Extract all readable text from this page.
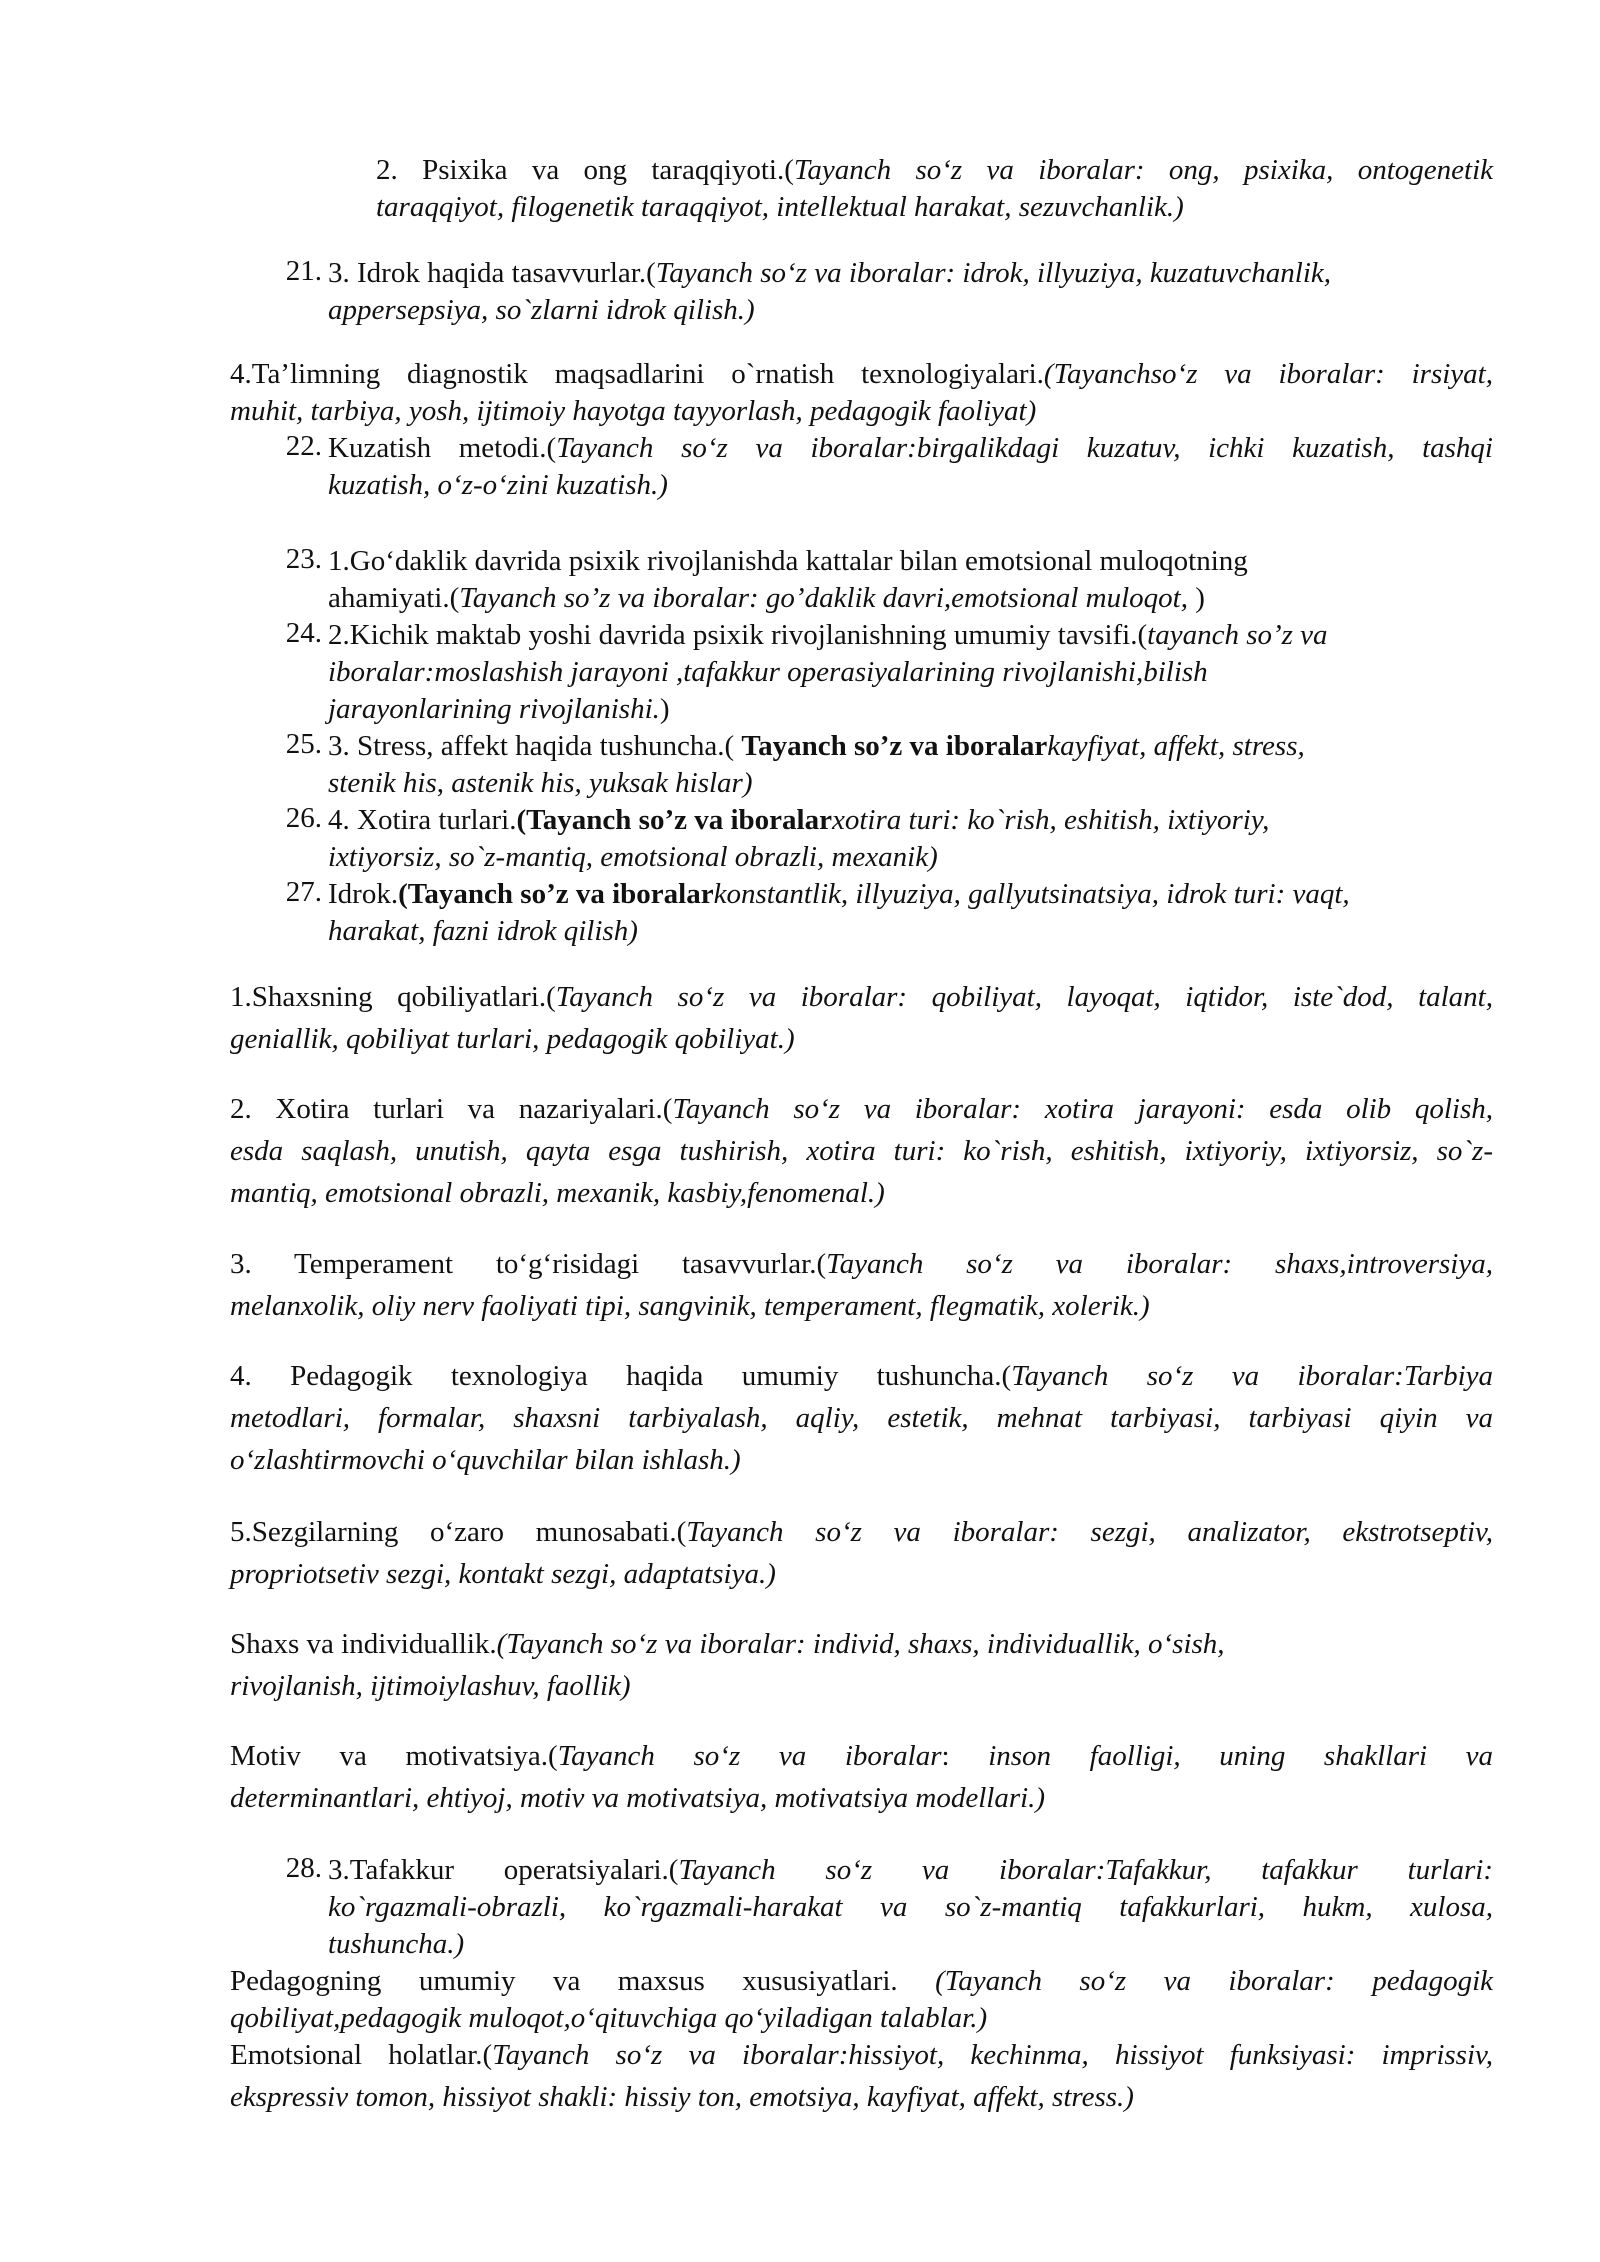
2. Psixika va ong taraqqiyoti.(Tayanch so‘z va iboralar: ong, psixika, ontogenetik
taraqqiyot, filogenetik taraqqiyot, intellektual harakat, sezuvchanlik.)
21. 3. Idrok haqida tasavvurlar.(Tayanch so‘z va iboralar: idrok, illyuziya, kuzatuvchanlik,
appersepsiya, so`zlarni idrok qilish.)
4.Ta’limning diagnostik maqsadlarini o`rnatish texnologiyalari.(Tayanchso‘z va iboralar: irsiyat,
muhit, tarbiya, yosh, ijtimoiy hayotga tayyorlash, pedagogik faoliyat)
22. Kuzatish metodi.(Tayanch so‘z va iboralar:birgalikdagi kuzatuv, ichki kuzatish, tashqi
kuzatish, o‘z-o‘zini kuzatish.)
23. 1.Go‘daklik davrida psixik rivojlanishda kattalar bilan emotsional muloqotning
ahamiyati.(Tayanch so’z va iboralar: go’daklik davri,emotsional muloqot, )
24. 2.Kichik maktab yoshi davrida psixik rivojlanishning umumiy tavsifi.(tayanch so’z va
iboralar:moslashish jarayoni ,tafakkur operasiyalarining rivojlanishi,bilish
jarayonlarining rivojlanishi.)
25. 3. Stress, affekt haqida tushuncha.( Tayanch so’z va iboralarkayfiyat, affekt, stress,
stenik his, astenik his, yuksak hislar)
26. 4. Xotira turlari.(Tayanch so’z va iboralarxotira turi: ko`rish, eshitish, ixtiyoriy,
ixtiyorsiz, so`z-mantiq, emotsional obrazli, mexanik)
27. Idrok.(Tayanch so’z va iboralarkonstantlik, illyuziya, gallyutsinatsiya, idrok turi: vaqt,
harakat, fazni idrok qilish)
1.Shaxsning qobiliyatlari.(Tayanch so‘z va iboralar: qobiliyat, layoqat, iqtidor, iste`dod, talant,
geniallik, qobiliyat turlari, pedagogik qobiliyat.)
2. Xotira turlari va nazariyalari.(Tayanch so‘z va iboralar: xotira jarayoni: esda olib qolish,
esda saqlash, unutish, qayta esga tushirish, xotira turi: ko`rish, eshitish, ixtiyoriy, ixtiyorsiz, so`z-
mantiq, emotsional obrazli, mexanik, kasbiy,fenomenal.)
3. Temperament to‘g‘risidagi tasavvurlar.(Tayanch so‘z va iboralar: shaxs,introversiya,
melanxolik, oliy nerv faoliyati tipi, sangvinik, temperament, flegmatik, xolerik.)
4. Pedagogik texnologiya haqida umumiy tushuncha.(Tayanch so‘z va iboralar:Tarbiya
metodlari, formalar, shaxsni tarbiyalash, aqliy, estetik, mehnat tarbiyasi, tarbiyasi qiyin va
o‘zlashtirmovchi o‘quvchilar bilan ishlash.)
5.Sezgilarning o‘zaro munosabati.(Tayanch so‘z va iboralar: sezgi, analizator, ekstrotseptiv,
propriotsetiv sezgi, kontakt sezgi, adaptatsiya.)
Shaxs va individuallik.(Tayanch so‘z va iboralar: individ, shaxs, individuallik, o‘sish,
rivojlanish, ijtimoiylashuv, faollik)
Motiv va motivatsiya.(Tayanch so‘z va iboralar: inson faolligi, uning shakllari va
determinantlari, ehtiyoj, motiv va motivatsiya, motivatsiya modellari.)
28. 3.Tafakkur operatsiyalari.(Tayanch so‘z va iboralar:Tafakkur, tafakkur turlari:
ko`rgazmali-obrazli, ko`rgazmali-harakat va so`z-mantiq tafakkurlari, hukm, xulosa,
tushuncha.)
Pedagogning umumiy va maxsus xususiyatlari. (Tayanch so‘z va iboralar: pedagogik
qobiliyat,pedagogik muloqot,o‘qituvchiga qo‘yiladigan talablar.)
Emotsional holatlar.(Tayanch so‘z va iboralar:hissiyot, kechinma, hissiyot funksiyasi: imprissiv,
ekspressiv tomon, hissiyot shakli: hissiy ton, emotsiya, kayfiyat, affekt, stress.)
